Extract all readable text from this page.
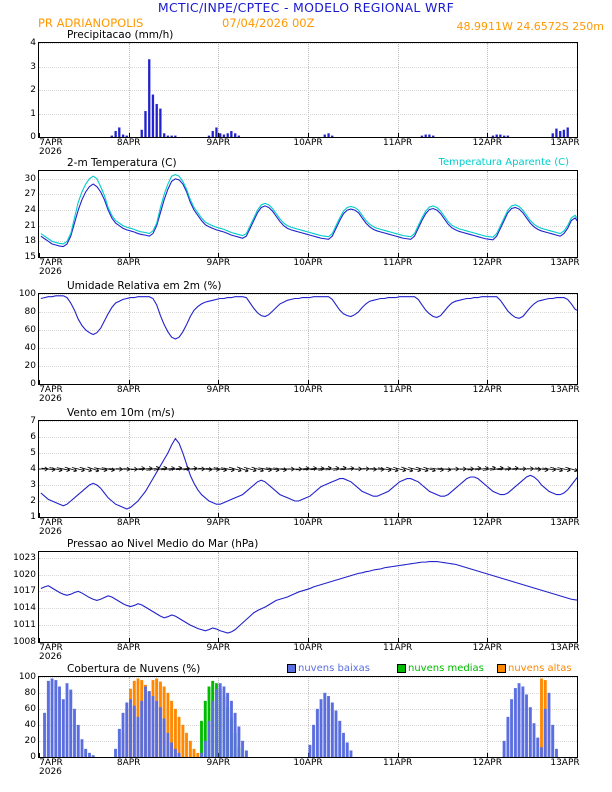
MCTIC/INPE/CPTEC - MODELO REGIONAL WRF
PR ADRIANOPOLIS	07/04/2026 00Z	48.9911W 24.6572S 250m
0
1
2
3
4
7APR	8APR	9APR	10APR	11APR	12APR	13APR
2026
Precipitacao (mm/h)
15
18
21
24
27
30
7APR	8APR	9APR	10APR	11APR	12APR	13APR
2026
2-m Temperatura (C)	Temperatura Aparente (C)
0
20
40
60
80
100
7APR	8APR	9APR	10APR	11APR	12APR	13APR
2026
Umidade Relativa em 2m (%)
1
2
3
4
5
6
7
7APR	8APR	9APR	10APR	11APR	12APR	13APR
2026
Vento em 10m (m/s)
1008
1011
1014
1017
1020
1023
7APR	8APR	9APR	10APR	11APR	12APR	13APR
2026
Pressao ao Nivel Medio do Mar (hPa)
0
20
40
60
80
100
7APR	8APR	9APR	10APR	11APR	12APR	13APR
2026
Cobertura de Nuvens (%)	nuvens baixas	nuvens medias	nuvens altas
